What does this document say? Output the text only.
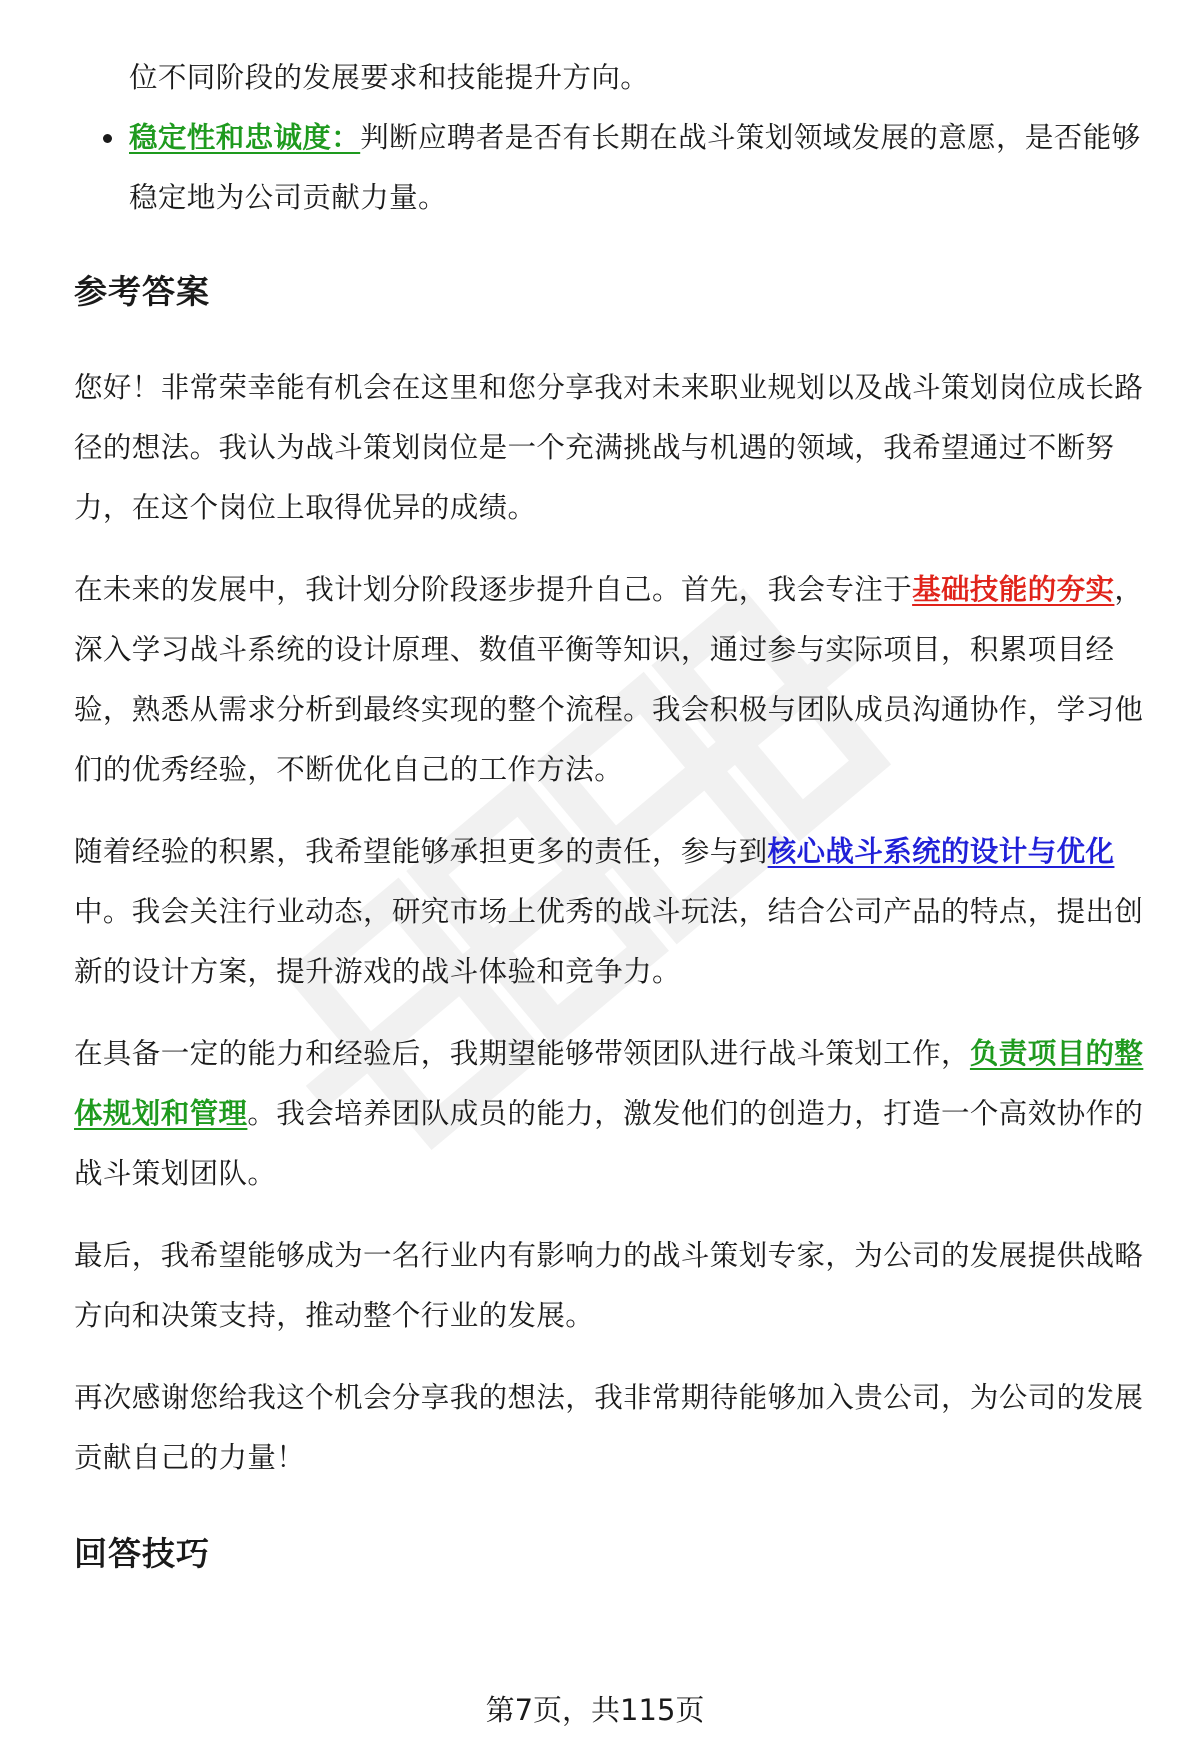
位不同阶段的发展要求和技能提升方向。

稳定性和忠诚度：判断应聘者是否有长期在战斗策划领域发展的意愿，是否能够稳定地为公司贡献力量。
参考答案

您好！非常荣幸能有机会在这里和您分享我对未来职业规划以及战斗策划岗位成长路径的想法。我认为战斗策划岗位是一个充满挑战与机遇的领域，我希望通过不断努力，在这个岗位上取得优异的成绩。

在未来的发展中，我计划分阶段逐步提升自己。首先，我会专注于基础技能的夯实，深入学习战斗系统的设计原理、数值平衡等知识，通过参与实际项目，积累项目经验，熟悉从需求分析到最终实现的整个流程。我会积极与团队成员沟通协作，学习他们的优秀经验，不断优化自己的工作方法。

随着经验的积累，我希望能够承担更多的责任，参与到核心战斗系统的设计与优化中。我会关注行业动态，研究市场上优秀的战斗玩法，结合公司产品的特点，提出创新的设计方案，提升游戏的战斗体验和竞争力。

在具备一定的能力和经验后，我期望能够带领团队进行战斗策划工作，负责项目的整体规划和管理。我会培养团队成员的能力，激发他们的创造力，打造一个高效协作的战斗策划团队。

最后，我希望能够成为一名行业内有影响力的战斗策划专家，为公司的发展提供战略方向和决策支持，推动整个行业的发展。

再次感谢您给我这个机会分享我的想法，我非常期待能够加入贵公司，为公司的发展贡献自己的力量！

回答技巧
第7页，共115页
